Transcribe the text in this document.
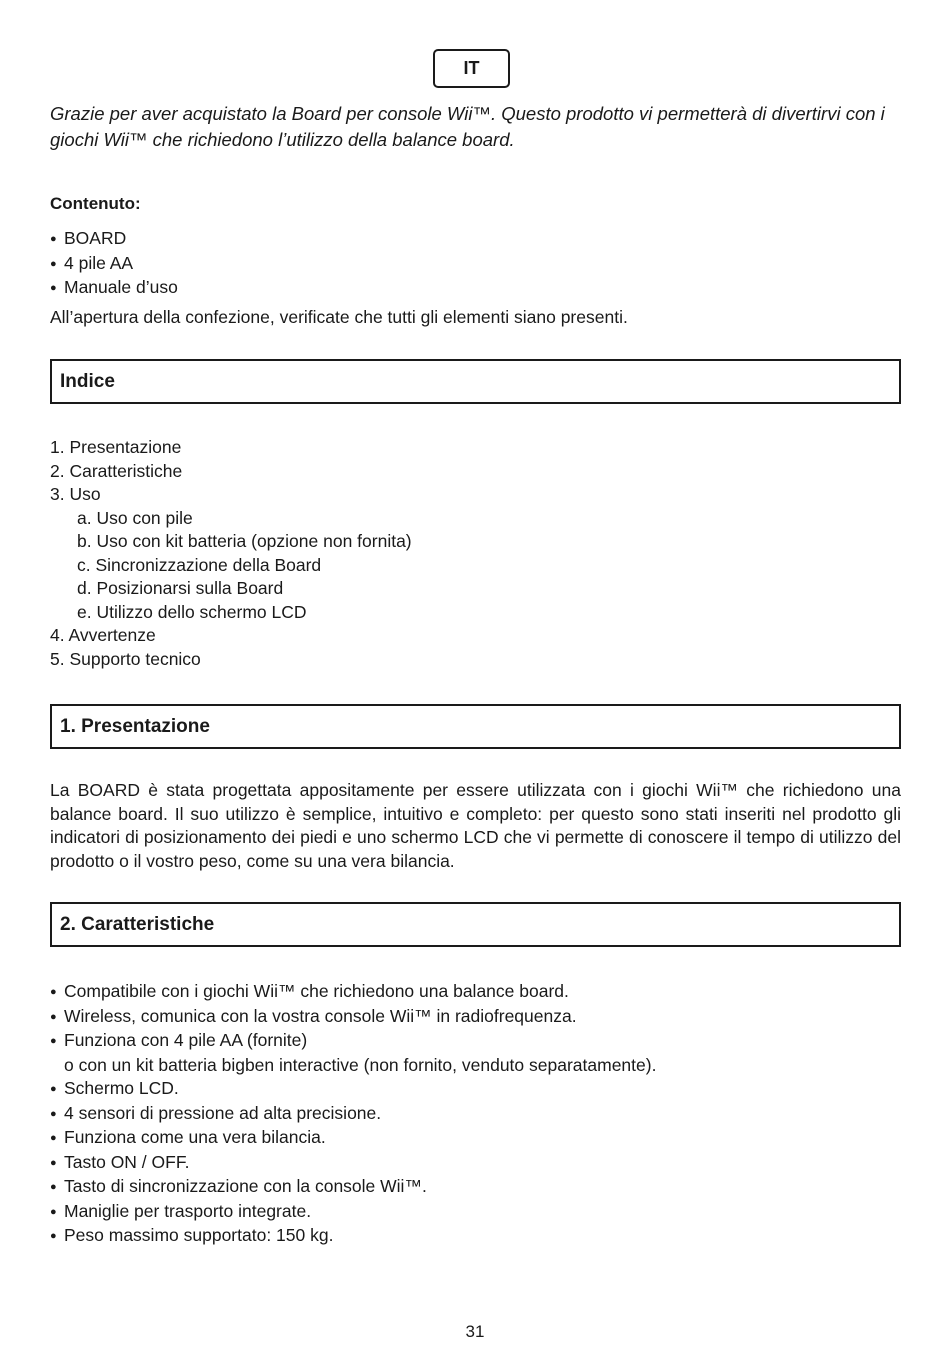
IT

Grazie per aver acquistato la Board per console Wii™. Questo prodotto vi permetterà di divertirvi con i giochi Wii™ che richiedono l’utilizzo della balance board.

Contenuto:

● BOARD
● 4 pile AA
● Manuale d’uso

All’apertura della confezione, verificate che tutti gli elementi siano presenti.

Indice
1. Presentazione
2. Caratteristiche
3. Uso
a. Uso con pile
b. Uso con kit batteria (opzione non fornita)
c. Sincronizzazione della Board
d. Posizionarsi sulla Board
e. Utilizzo dello schermo LCD
4. Avvertenze
5. Supporto tecnico
1. Presentazione

La BOARD è stata progettata appositamente per essere utilizzata con i giochi Wii™ che richiedono una balance board. Il suo utilizzo è semplice, intuitivo e completo: per questo sono stati inseriti nel prodotto gli indicatori di posizionamento dei piedi e uno schermo LCD che vi permette di conoscere il tempo di utilizzo del prodotto o il vostro peso, come su una vera bilancia.

2. Caratteristiche
● Compatibile con i giochi Wii™ che richiedono una balance board.
● Wireless, comunica con la vostra console Wii™ in radiofrequenza.
● Funziona con 4 pile AA (fornite)
o con un kit batteria bigben interactive (non fornito, venduto separatamente).
● Schermo LCD.
● 4 sensori di pressione ad alta precisione.
● Funziona come una vera bilancia.
● Tasto ON / OFF.
● Tasto di sincronizzazione con la console Wii™.
● Maniglie per trasporto integrate.
● Peso massimo supportato: 150 kg.
31
